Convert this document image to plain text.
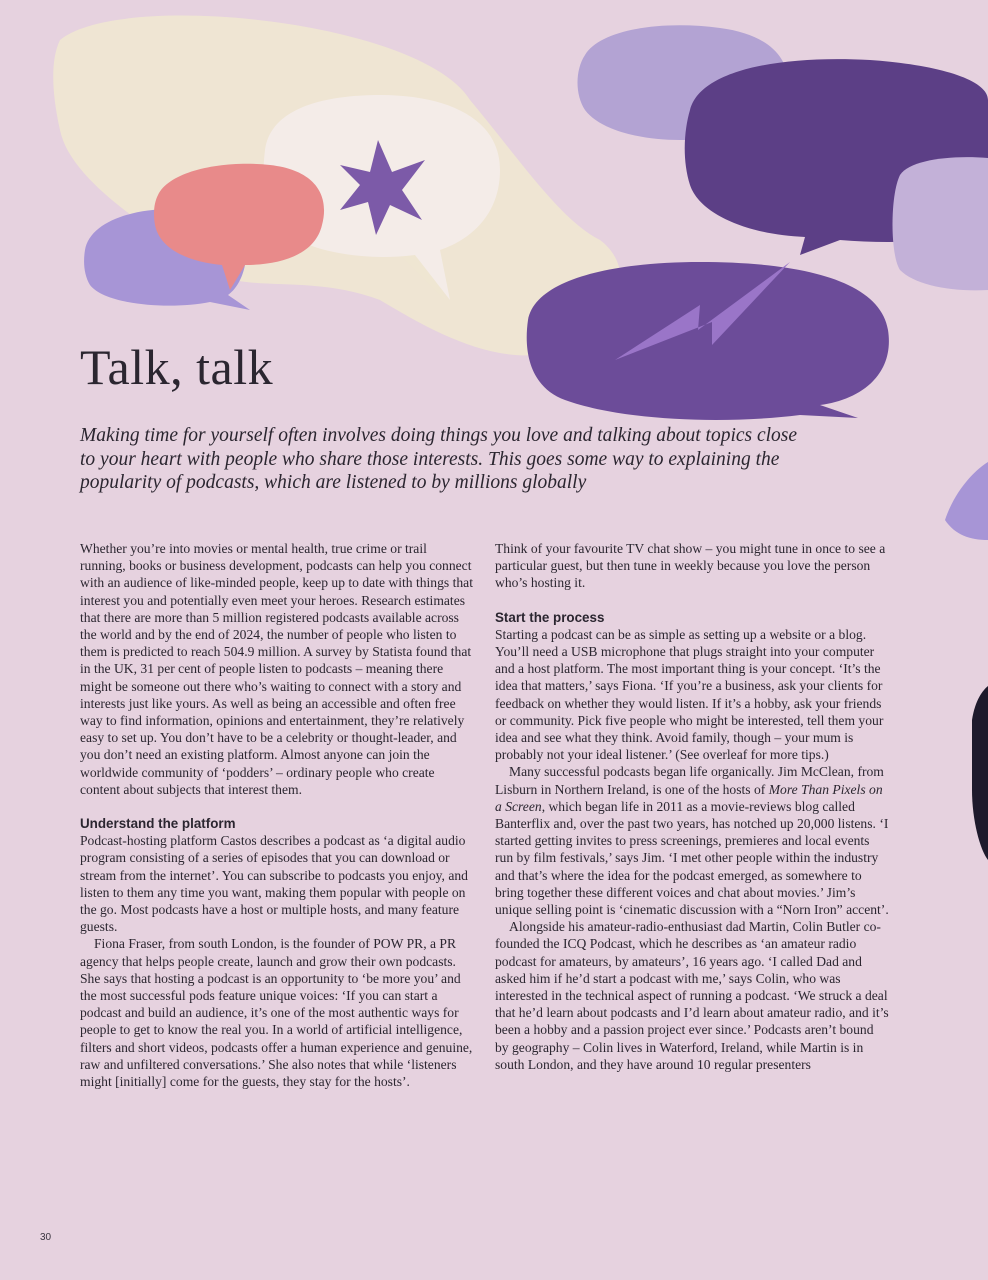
Talk, talk

Making time for yourself often involves doing things you love and talking about topics close to your heart with people who share those interests. This goes some way to explaining the popularity of podcasts, which are listened to by millions globally

Whether you’re into movies or mental health, true crime or trail running, books or business development, podcasts can help you connect with an audience of like-minded people, keep up to date with things that interest you and potentially even meet your heroes. Research estimates that there are more than 5 million registered podcasts available across the world and by the end of 2024, the number of people who listen to them is predicted to reach 504.9 million. A survey by Statista found that in the UK, 31 per cent of people listen to podcasts – meaning there might be someone out there who’s waiting to connect with a story and interests just like yours. As well as being an accessible and often free way to find information, opinions and entertainment, they’re relatively easy to set up. You don’t have to be a celebrity or thought-leader, and you don’t need an existing platform. Almost anyone can join the worldwide community of ‘podders’ – ordinary people who create content about subjects that interest them.

Understand the platform

Podcast-hosting platform Castos describes a podcast as ‘a digital audio program consisting of a series of episodes that you can download or stream from the internet’. You can subscribe to podcasts you enjoy, and listen to them any time you want, making them popular with people on the go. Most podcasts have a host or multiple hosts, and many feature guests.

Fiona Fraser, from south London, is the founder of POW PR, a PR agency that helps people create, launch and grow their own podcasts. She says that hosting a podcast is an opportunity to ‘be more you’ and the most successful pods feature unique voices: ‘If you can start a podcast and build an audience, it’s one of the most authentic ways for people to get to know the real you. In a world of artificial intelligence, filters and short videos, podcasts offer a human experience and genuine, raw and unfiltered conversations.’ She also notes that while ‘listeners might [initially] come for the guests, they stay for the hosts’.

Think of your favourite TV chat show – you might tune in once to see a particular guest, but then tune in weekly because you love the person who’s hosting it.

Start the process

Starting a podcast can be as simple as setting up a website or a blog. You’ll need a USB microphone that plugs straight into your computer and a host platform. The most important thing is your concept. ‘It’s the idea that matters,’ says Fiona. ‘If you’re a business, ask your clients for feedback on whether they would listen. If it’s a hobby, ask your friends or community. Pick five people who might be interested, tell them your idea and see what they think. Avoid family, though – your mum is probably not your ideal listener.’ (See overleaf for more tips.)

Many successful podcasts began life organically. Jim McClean, from Lisburn in Northern Ireland, is one of the hosts of More Than Pixels on a Screen, which began life in 2011 as a movie-reviews blog called Banterflix and, over the past two years, has notched up 20,000 listens. ‘I started getting invites to press screenings, premieres and local events run by film festivals,’ says Jim. ‘I met other people within the industry and that’s where the idea for the podcast emerged, as somewhere to bring together these different voices and chat about movies.’ Jim’s unique selling point is ‘cinematic discussion with a “Norn Iron” accent’.

Alongside his amateur-radio-enthusiast dad Martin, Colin Butler co-founded the ICQ Podcast, which he describes as ‘an amateur radio podcast for amateurs, by amateurs’, 16 years ago. ‘I called Dad and asked him if he’d start a podcast with me,’ says Colin, who was interested in the technical aspect of running a podcast. ‘We struck a deal that he’d learn about podcasts and I’d learn about amateur radio, and it’s been a hobby and a passion project ever since.’ Podcasts aren’t bound by geography – Colin lives in Waterford, Ireland, while Martin is in south London, and they have around 10 regular presenters

30
